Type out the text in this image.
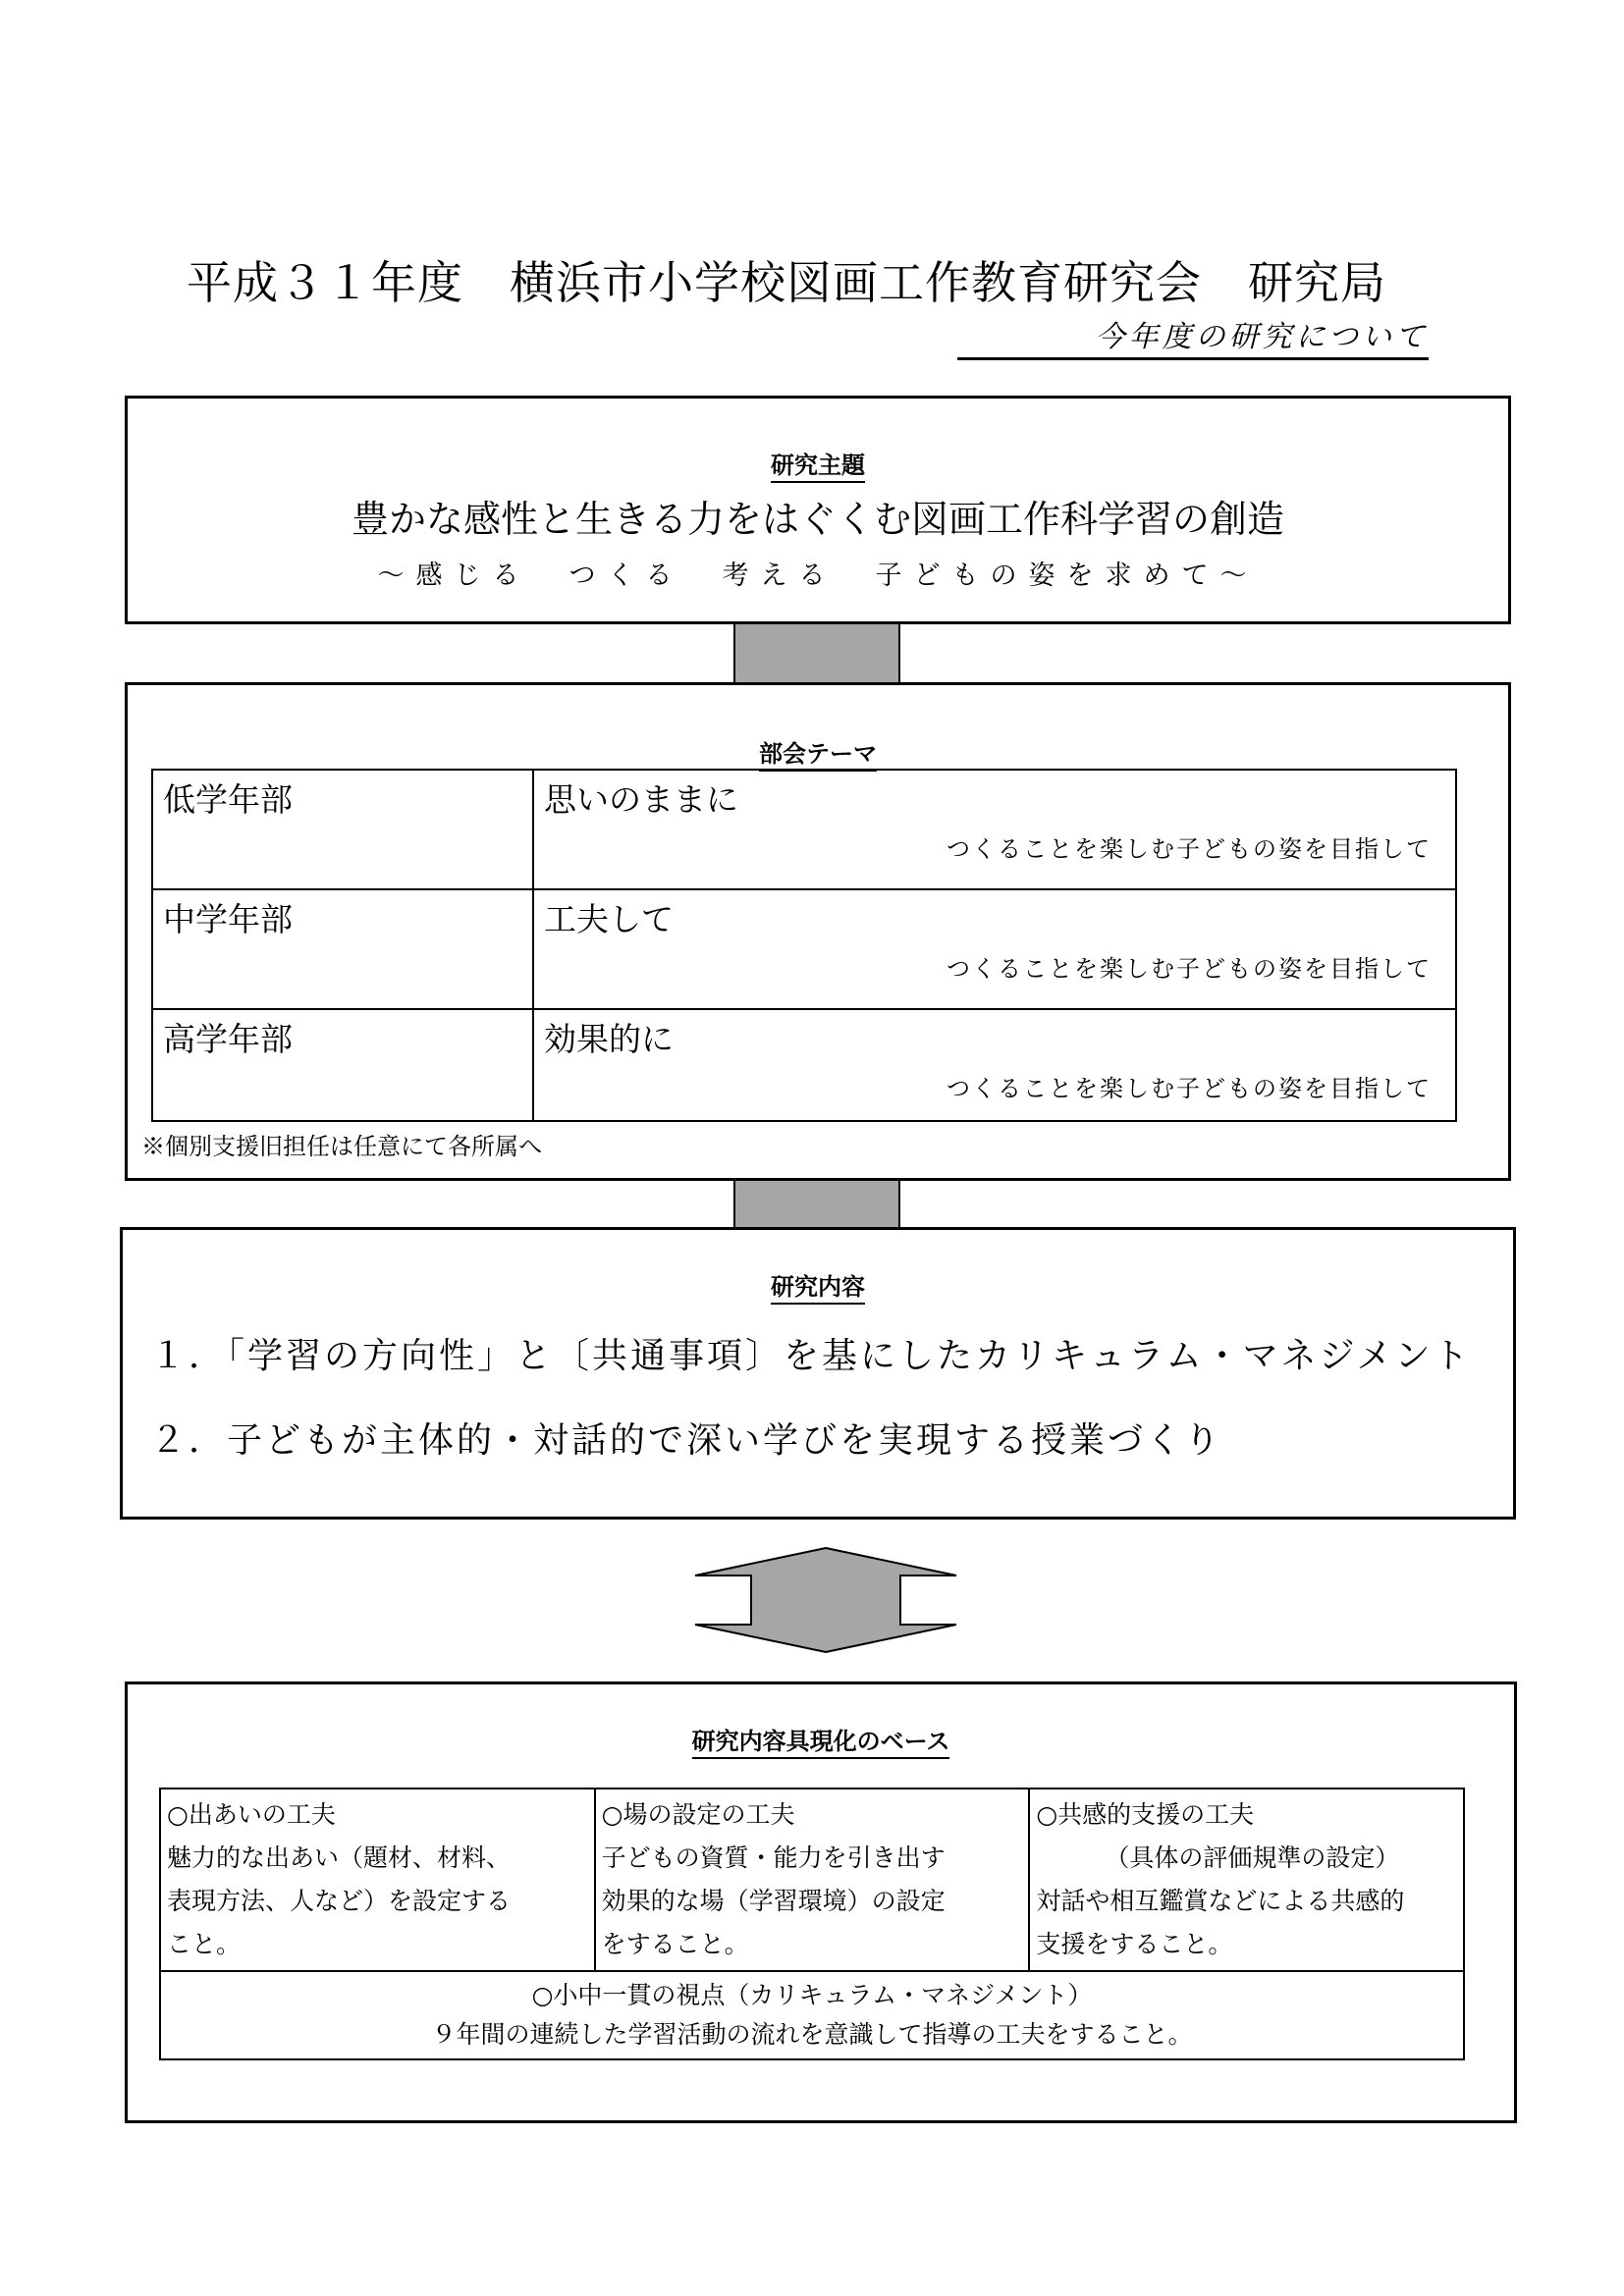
平成３１年度　横浜市小学校図画工作教育研究会　研究局
今年度の研究について
研究主題
豊かな感性と生きる力をはぐくむ図画工作科学習の創造
～感じる　つくる　考える　子どもの姿を求めて～
部会テーマ
低学年部	思いのままに
つくることを楽しむ子どもの姿を目指して

中学年部	工夫して
つくることを楽しむ子どもの姿を目指して

高学年部	効果的に
つくることを楽しむ子どもの姿を目指して
※個別支援旧担任は任意にて各所属へ
研究内容
１．「学習の方向性」と〔共通事項〕を基にしたカリキュラム・マネジメント
２．子どもが主体的・対話的で深い学びを実現する授業づくり
研究内容具現化のベース
○出あいの工夫
魅力的な出あい（題材、材料、
表現方法、人など）を設定する
こと。

○場の設定の工夫
子どもの資質・能力を引き出す
効果的な場（学習環境）の設定
をすること。

○共感的支援の工夫
（具体の評価規準の設定）
対話や相互鑑賞などによる共感的
支援をすること。

○小中一貫の視点（カリキュラム・マネジメント）
９年間の連続した学習活動の流れを意識して指導の工夫をすること。
